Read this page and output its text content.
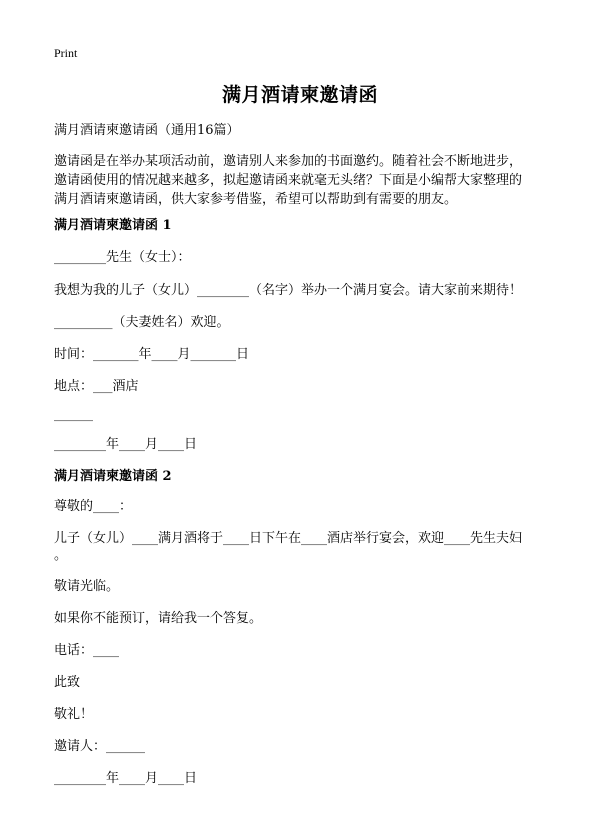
Print
满月酒请柬邀请函
满月酒请柬邀请函（通用16篇）
邀请函是在举办某项活动前，邀请别人来参加的书面邀约。随着社会不断地进步，
邀请函使用的情况越来越多，拟起邀请函来就毫无头绪？下面是小编帮大家整理的
满月酒请柬邀请函，供大家参考借鉴，希望可以帮助到有需要的朋友。
满月酒请柬邀请函 1
________先生（女士）：
我想为我的儿子（女儿）________（名字）举办一个满月宴会。请大家前来期待！
_________（夫妻姓名）欢迎。
时间：_______年____月_______日
地点：___酒店
______
________年____月____日
满月酒请柬邀请函 2
尊敬的____：
儿子（女儿）____满月酒将于____日下午在____酒店举行宴会，欢迎____先生夫妇
。
敬请光临。
如果你不能预订，请给我一个答复。
电话：____
此致
敬礼！
邀请人：______
________年____月____日
